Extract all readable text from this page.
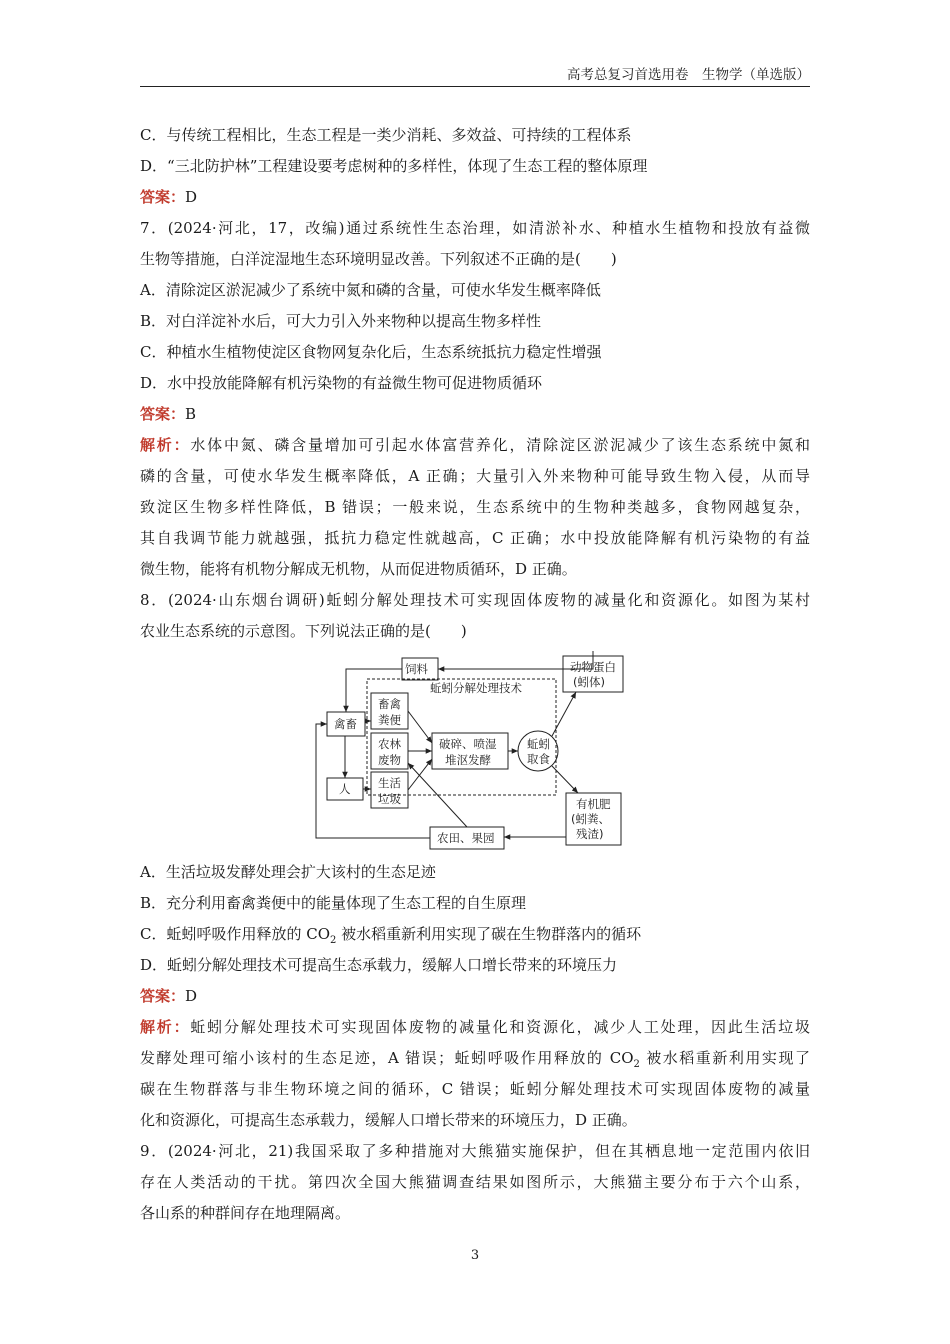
高考总复习首选用卷　生物学（单选版）
C．与传统工程相比，生态工程是一类少消耗、多效益、可持续的工程体系
D．“三北防护林”工程建设要考虑树种的多样性，体现了生态工程的整体原理
答案：D
7．(2024·河北，17，改编)通过系统性生态治理，如清淤补水、种植水生植物和投放有益微
生物等措施，白洋淀湿地生态环境明显改善。下列叙述不正确的是(　　)
A．清除淀区淤泥减少了系统中氮和磷的含量，可使水华发生概率降低
B．对白洋淀补水后，可大力引入外来物种以提高生物多样性
C．种植水生植物使淀区食物网复杂化后，生态系统抵抗力稳定性增强
D．水中投放能降解有机污染物的有益微生物可促进物质循环
答案：B
解析：水体中氮、磷含量增加可引起水体富营养化，清除淀区淤泥减少了该生态系统中氮和
磷的含量，可使水华发生概率降低，A 正确；大量引入外来物种可能导致生物入侵，从而导
致淀区生物多样性降低，B 错误；一般来说，生态系统中的生物种类越多，食物网越复杂，
其自我调节能力就越强，抵抗力稳定性就越高，C 正确；水中投放能降解有机污染物的有益
微生物，能将有机物分解成无机物，从而促进物质循环，D 正确。
8．(2024·山东烟台调研)蚯蚓分解处理技术可实现固体废物的减量化和资源化。如图为某村
农业生态系统的示意图。下列说法正确的是(　　)
饲料	动物蛋白
(蚓体)
蚯蚓分解处理技术
禽畜
畜禽
粪便
农林
废物
生活
垃圾
破碎、喷湿
堆沤发酵
蚯蚓
取食
人
有机肥
(蚓粪、
残渣)
农田、果园
A．生活垃圾发酵处理会扩大该村的生态足迹
B．充分利用畜禽粪便中的能量体现了生态工程的自生原理
C．蚯蚓呼吸作用释放的 $CO_2$ 被水稻重新利用实现了碳在生物群落内的循环
D．蚯蚓分解处理技术可提高生态承载力，缓解人口增长带来的环境压力
答案：D
解析：蚯蚓分解处理技术可实现固体废物的减量化和资源化，减少人工处理，因此生活垃圾
发酵处理可缩小该村的生态足迹，A 错误；蚯蚓呼吸作用释放的 $CO_2$ 被水稻重新利用实现了
碳在生物群落与非生物环境之间的循环，C 错误；蚯蚓分解处理技术可实现固体废物的减量
化和资源化，可提高生态承载力，缓解人口增长带来的环境压力，D 正确。
9．(2024·河北，21)我国采取了多种措施对大熊猫实施保护，但在其栖息地一定范围内依旧
存在人类活动的干扰。第四次全国大熊猫调查结果如图所示，大熊猫主要分布于六个山系，
各山系的种群间存在地理隔离。
3
